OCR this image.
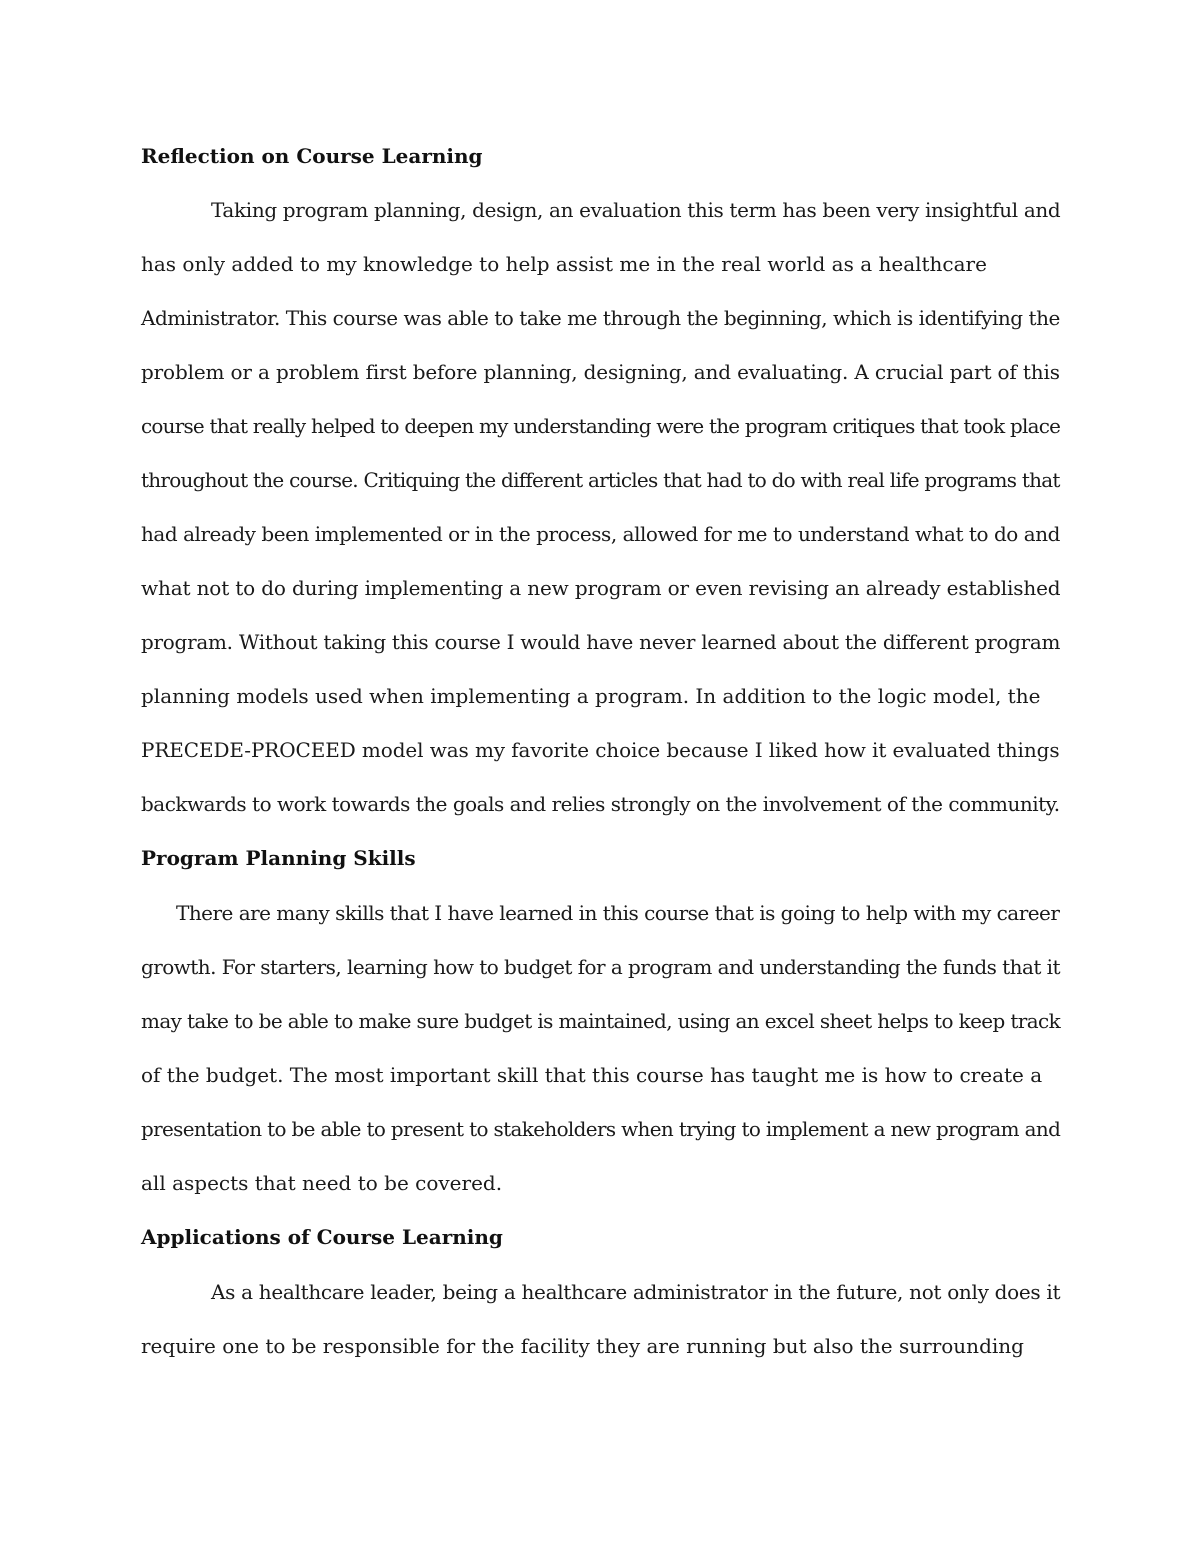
Reflection on Course Learning
Taking program planning, design, an evaluation this term has been very insightful and
has only added to my knowledge to help assist me in the real world as a healthcare
Administrator. This course was able to take me through the beginning, which is identifying the
problem or a problem first before planning, designing, and evaluating. A crucial part of this
course that really helped to deepen my understanding were the program critiques that took place
throughout the course. Critiquing the different articles that had to do with real life programs that
had already been implemented or in the process, allowed for me to understand what to do and
what not to do during implementing a new program or even revising an already established
program. Without taking this course I would have never learned about the different program
planning models used when implementing a program. In addition to the logic model, the
PRECEDE-PROCEED model was my favorite choice because I liked how it evaluated things
backwards to work towards the goals and relies strongly on the involvement of the community.
Program Planning Skills
There are many skills that I have learned in this course that is going to help with my career
growth. For starters, learning how to budget for a program and understanding the funds that it
may take to be able to make sure budget is maintained, using an excel sheet helps to keep track
of the budget. The most important skill that this course has taught me is how to create a
presentation to be able to present to stakeholders when trying to implement a new program and
all aspects that need to be covered.
Applications of Course Learning
As a healthcare leader, being a healthcare administrator in the future, not only does it
require one to be responsible for the facility they are running but also the surrounding
